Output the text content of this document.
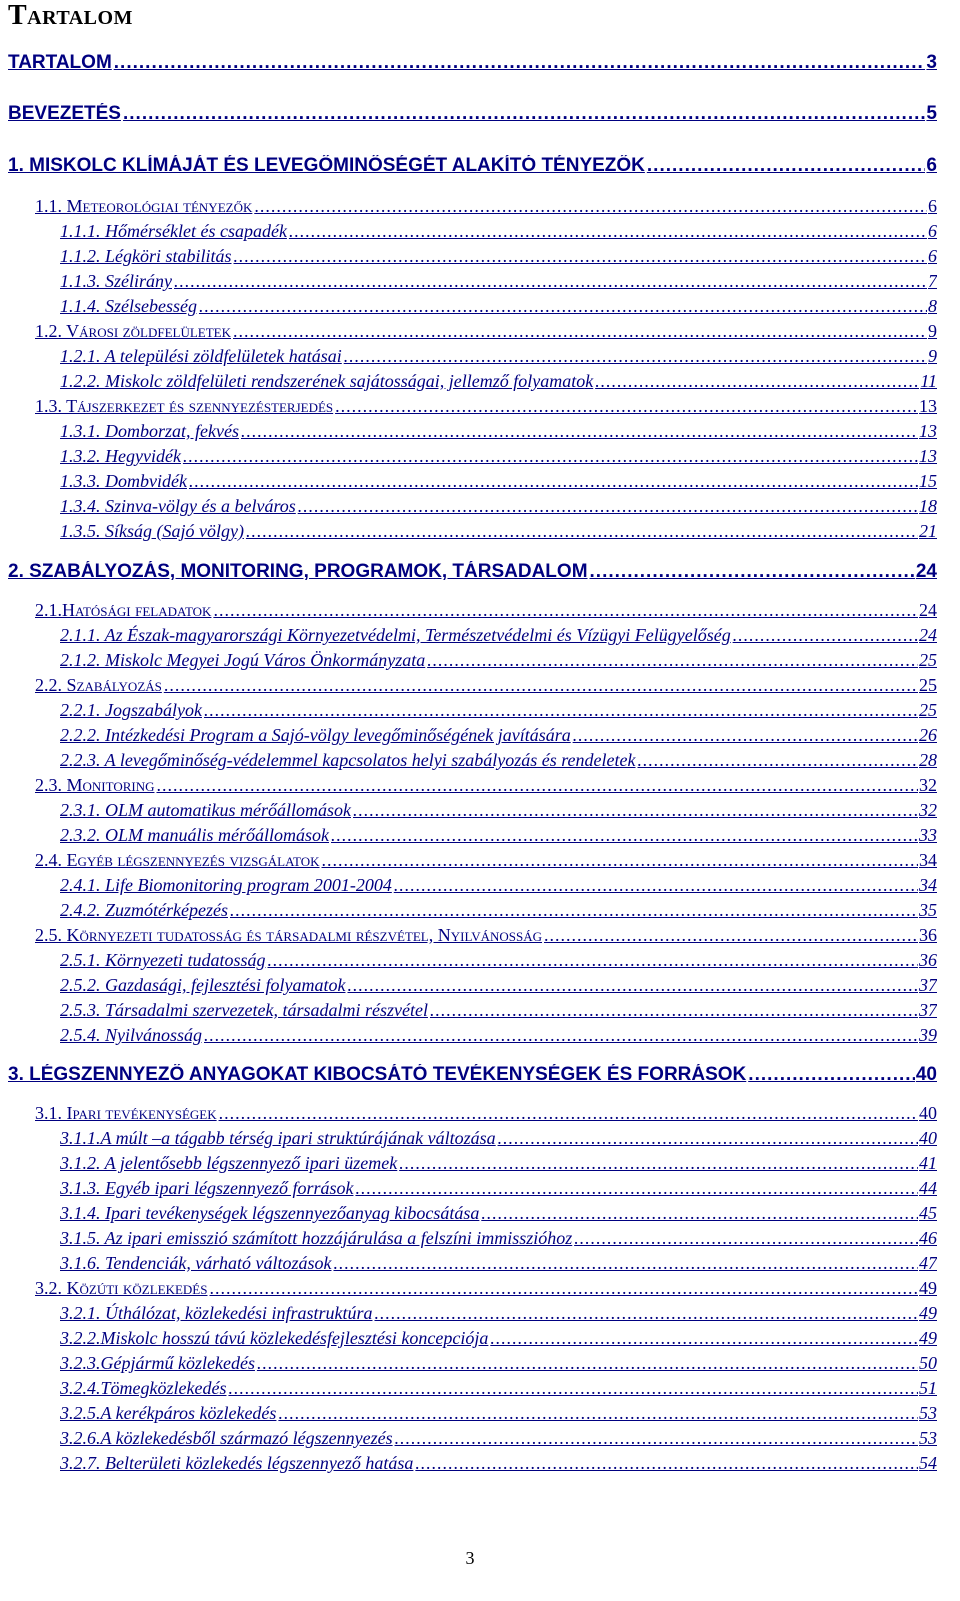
Tartalom
TARTALOM .....	3
BEVEZETÉS .....	5
1. MISKOLC KLÍMÁJÁT ÉS LEVEGŐMINŐSÉGÉT ALAKÍTÓ TÉNYEZŐK .....	6
1.1. Meteorológiai tényezők .....	6
1.1.1. Hőmérséklet és csapadék .....	6
1.1.2. Légköri stabilitás .....	6
1.1.3. Szélirány .....	7
1.1.4. Szélsebesség .....	8
1.2. Városi zöldfelületek .....	9
1.2.1. A települési zöldfelületek hatásai .....	9
1.2.2. Miskolc zöldfelületi rendszerének sajátosságai, jellemző folyamatok .....	11
1.3. Tájszerkezet és szennyezésterjedés .....	13
1.3.1. Domborzat, fekvés .....	13
1.3.2. Hegyvidék .....	13
1.3.3. Dombvidék .....	15
1.3.4. Szinva-völgy és a belváros .....	18
1.3.5. Síkság (Sajó völgy) .....	21
2. SZABÁLYOZÁS, MONITORING, PROGRAMOK, TÁRSADALOM .....	24
2.1.Hatósági feladatok .....	24
2.1.1. Az Észak-magyarországi Környezetvédelmi, Természetvédelmi és Vízügyi Felügyelőség .....	24
2.1.2. Miskolc Megyei Jogú Város Önkormányzata .....	25
2.2. Szabályozás .....	25
2.2.1. Jogszabályok .....	25
2.2.2. Intézkedési Program a Sajó-völgy levegőminőségének javítására .....	26
2.2.3. A levegőminőség-védelemmel kapcsolatos helyi szabályozás és rendeletek .....	28
2.3. Monitoring .....	32
2.3.1. OLM automatikus mérőállomások .....	32
2.3.2. OLM manuális mérőállomások .....	33
2.4. Egyéb légszennyezés vizsgálatok .....	34
2.4.1. Life Biomonitoring program 2001-2004 .....	34
2.4.2. Zuzmótérképezés .....	35
2.5. Környezeti tudatosság és társadalmi részvétel, Nyilvánosság .....	36
2.5.1. Környezeti tudatosság .....	36
2.5.2. Gazdasági, fejlesztési folyamatok .....	37
2.5.3. Társadalmi szervezetek, társadalmi részvétel .....	37
2.5.4. Nyilvánosság .....	39
3. LÉGSZENNYEZŐ ANYAGOKAT KIBOCSÁTÓ TEVÉKENYSÉGEK ÉS FORRÁSOK .....	40
3.1. Ipari tevékenységek .....	40
3.1.1.A múlt –a tágabb térség ipari struktúrájának változása .....	40
3.1.2. A jelentősebb légszennyező ipari üzemek .....	41
3.1.3. Egyéb ipari légszennyező források .....	44
3.1.4. Ipari tevékenységek légszennyezőanyag kibocsátása .....	45
3.1.5. Az ipari emisszió számított hozzájárulása a felszíni immisszióhoz .....	46
3.1.6. Tendenciák, várható változások .....	47
3.2. Közúti közlekedés .....	49
3.2.1. Úthálózat, közlekedési infrastruktúra .....	49
3.2.2.Miskolc hosszú távú közlekedésfejlesztési koncepciója .....	49
3.2.3.Gépjármű közlekedés .....	50
3.2.4.Tömegközlekedés .....	51
3.2.5.A kerékpáros közlekedés .....	53
3.2.6.A közlekedésből származó légszennyezés .....	53
3.2.7. Belterületi közlekedés légszennyező hatása .....	54
3
